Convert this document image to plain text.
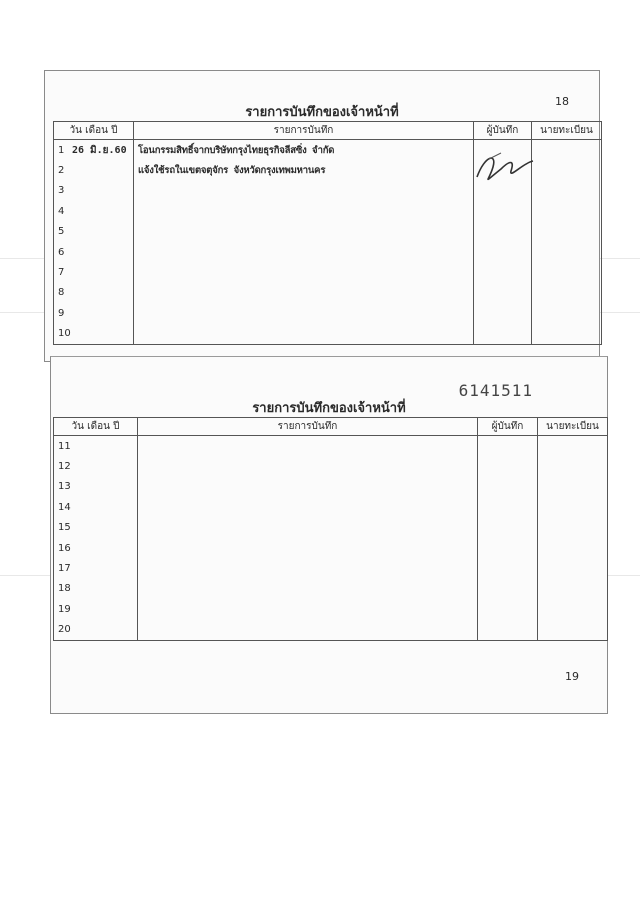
รายการบันทึกของเจ้าหน้าที่
18
วัน เดือน ปี	รายการบันทึก	ผู้บันทึก	นายทะเบียน
1 26 มิ.ย.60	โอนกรรมสิทธิ์จากบริษัทกรุงไทยธุรกิจลีสซิ่ง จำกัด		
2	แจ้งใช้รถในเขตจตุจักร จังหวัดกรุงเทพมหานคร		
3			
4			
5			
6			
7			
8			
9			
10			
6141511
รายการบันทึกของเจ้าหน้าที่
วัน เดือน ปี	รายการบันทึก	ผู้บันทึก	นายทะเบียน
11			
12			
13			
14			
15			
16			
17			
18			
19			
20			
19
